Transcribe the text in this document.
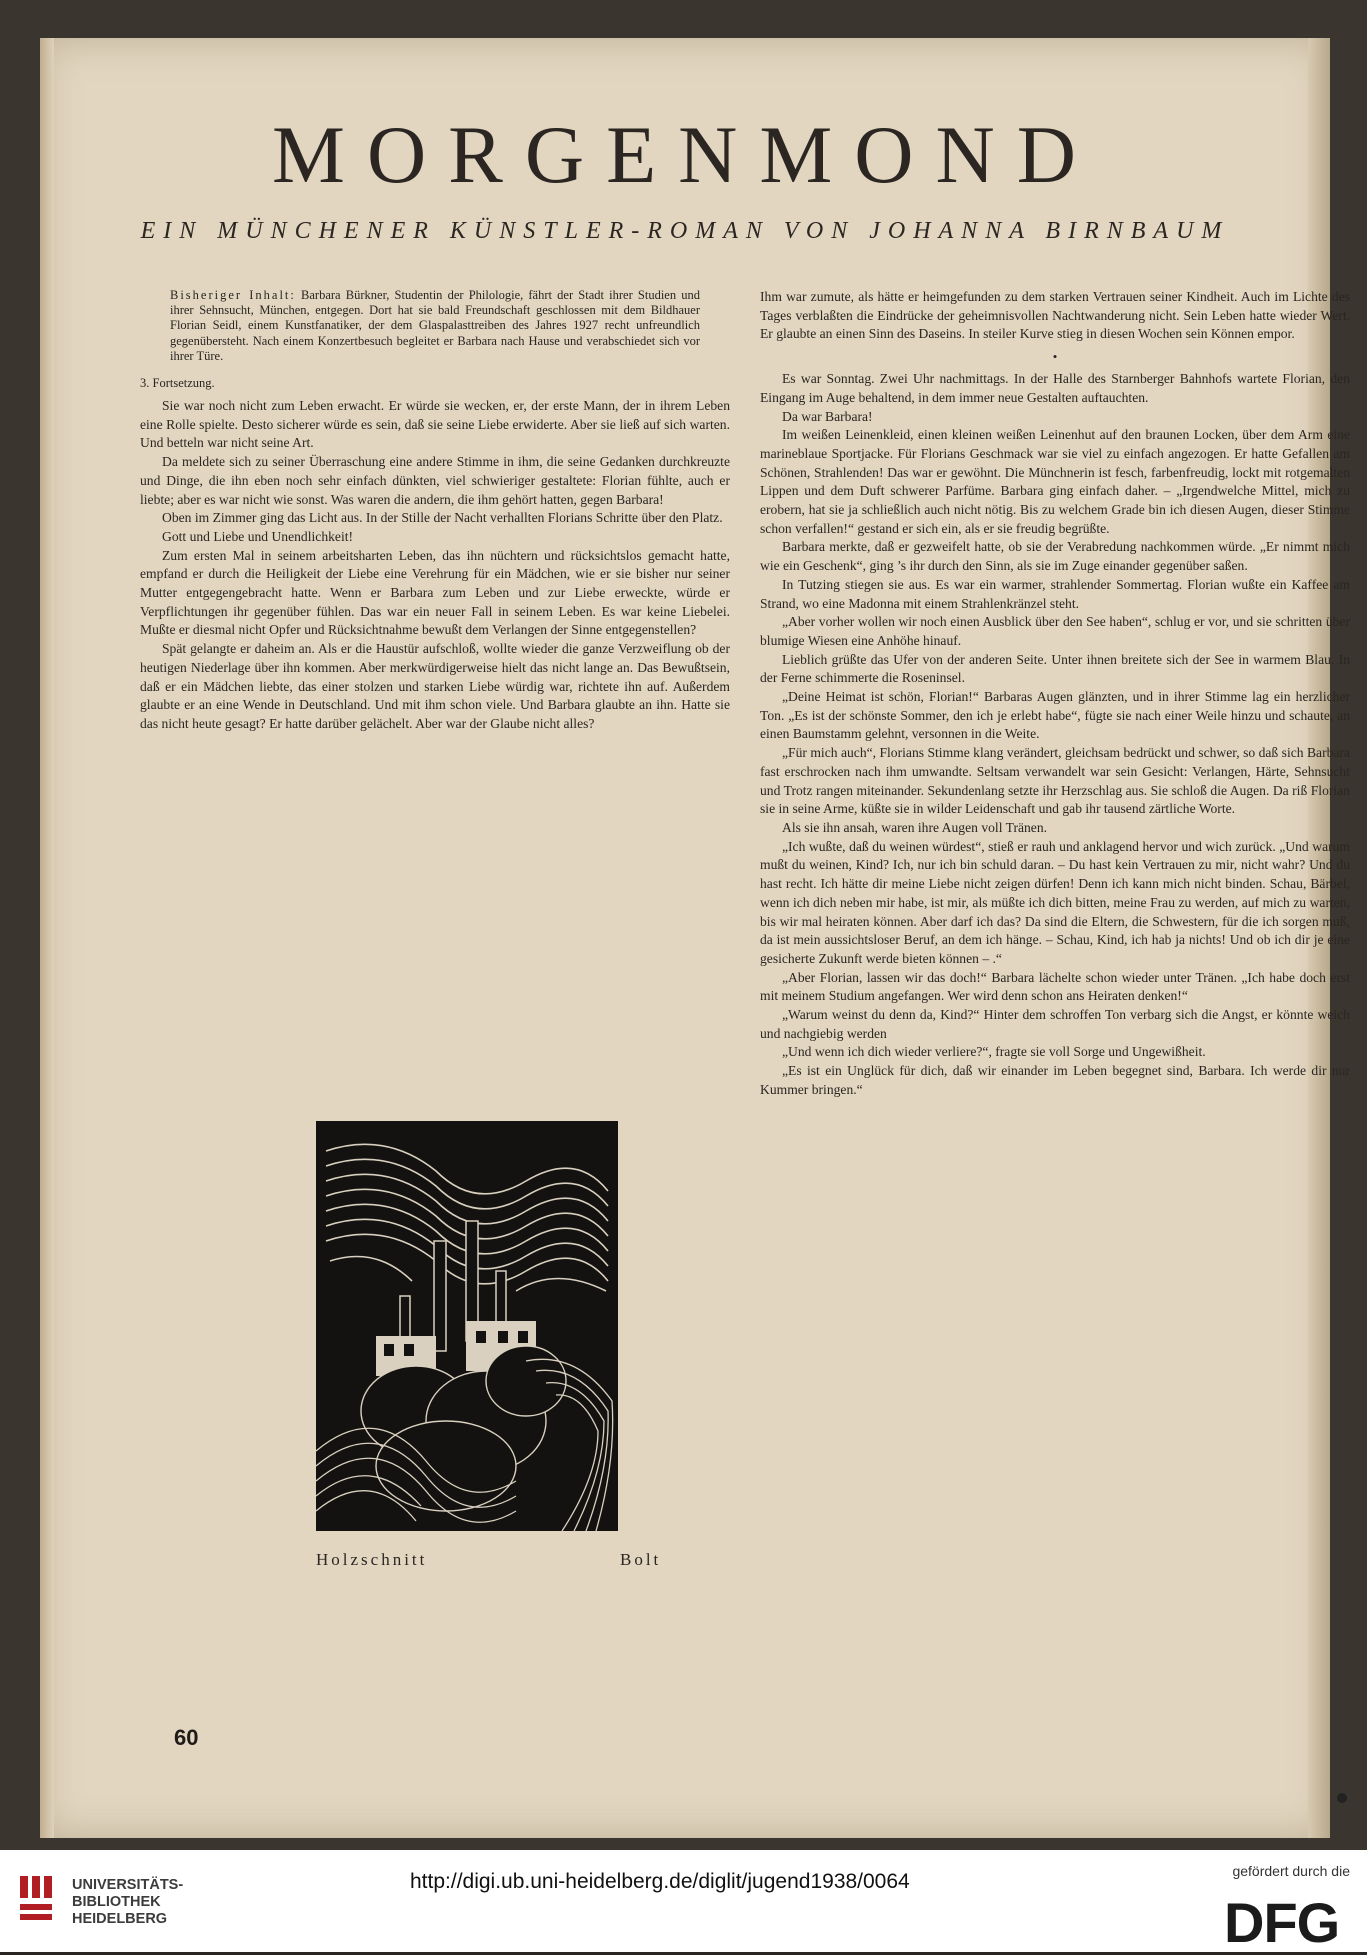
MORGENMOND
EIN MÜNCHENER KÜNSTLER-ROMAN VON JOHANNA BIRNBAUM
Bisheriger Inhalt: Barbara Bürkner, Studentin der Philologie, fährt der Stadt ihrer Studien und ihrer Sehnsucht, München, entgegen. Dort hat sie bald Freundschaft geschlossen mit dem Bildhauer Florian Seidl, einem Kunstfanatiker, der dem Glaspalasttreiben des Jahres 1927 recht unfreundlich gegenübersteht. Nach einem Konzertbesuch begleitet er Barbara nach Hause und verabschiedet sich vor ihrer Türe.
3. Fortsetzung.

Sie war noch nicht zum Leben erwacht. Er würde sie wecken, er, der erste Mann, der in ihrem Leben eine Rolle spielte. Desto sicherer würde es sein, daß sie seine Liebe erwiderte. Aber sie ließ auf sich warten. Und betteln war nicht seine Art.

Da meldete sich zu seiner Überraschung eine andere Stimme in ihm, die seine Gedanken durchkreuzte und Dinge, die ihn eben noch sehr einfach dünkten, viel schwieriger gestaltete: Florian fühlte, auch er liebte; aber es war nicht wie sonst. Was waren die andern, die ihm gehört hatten, gegen Barbara!

Oben im Zimmer ging das Licht aus. In der Stille der Nacht verhallten Florians Schritte über den Platz.

Gott und Liebe und Unendlichkeit!

Zum ersten Mal in seinem arbeitsharten Leben, das ihn nüchtern und rücksichtslos gemacht hatte, empfand er durch die Heiligkeit der Liebe eine Verehrung für ein Mädchen, wie er sie bisher nur seiner Mutter entgegengebracht hatte. Wenn er Barbara zum Leben und zur Liebe erweckte, würde er Verpflichtungen ihr gegenüber fühlen. Das war ein neuer Fall in seinem Leben. Es war keine Liebelei. Mußte er diesmal nicht Opfer und Rücksichtnahme bewußt dem Verlangen der Sinne entgegenstellen?

Spät gelangte er daheim an. Als er die Haustür aufschloß, wollte wieder die ganze Verzweiflung ob der heutigen Niederlage über ihn kommen. Aber merkwürdigerweise hielt das nicht lange an. Das Bewußtsein, daß er ein Mädchen liebte, das einer stolzen und starken Liebe würdig war, richtete ihn auf. Außerdem glaubte er an eine Wende in Deutschland. Und mit ihm schon viele. Und Barbara glaubte an ihn. Hatte sie das nicht heute gesagt? Er hatte darüber gelächelt. Aber war der Glaube nicht alles?

Ihm war zumute, als hätte er heimgefunden zu dem starken Vertrauen seiner Kindheit. Auch im Lichte des Tages verblaßten die Eindrücke der geheimnisvollen Nachtwanderung nicht. Sein Leben hatte wieder Wert. Er glaubte an einen Sinn des Daseins. In steiler Kurve stieg in diesen Wochen sein Können empor.

•

Es war Sonntag. Zwei Uhr nachmittags. In der Halle des Starnberger Bahnhofs wartete Florian, den Eingang im Auge behaltend, in dem immer neue Gestalten auftauchten.

Da war Barbara!

Im weißen Leinenkleid, einen kleinen weißen Leinenhut auf den braunen Locken, über dem Arm eine marineblaue Sportjacke. Für Florians Geschmack war sie viel zu einfach angezogen. Er hatte Gefallen am Schönen, Strahlenden! Das war er gewöhnt. Die Münchnerin ist fesch, farbenfreudig, lockt mit rotgemalten Lippen und dem Duft schwerer Parfüme. Barbara ging einfach daher. – „Irgendwelche Mittel, mich zu erobern, hat sie ja schließlich auch nicht nötig. Bis zu welchem Grade bin ich diesen Augen, dieser Stimme schon verfallen!“ gestand er sich ein, als er sie freudig begrüßte.

Barbara merkte, daß er gezweifelt hatte, ob sie der Verabredung nachkommen würde. „Er nimmt mich wie ein Geschenk“, ging ’s ihr durch den Sinn, als sie im Zuge einander gegenüber saßen.

In Tutzing stiegen sie aus. Es war ein warmer, strahlender Sommertag. Florian wußte ein Kaffee am Strand, wo eine Madonna mit einem Strahlenkränzel steht.

„Aber vorher wollen wir noch einen Ausblick über den See haben“, schlug er vor, und sie schritten über blumige Wiesen eine Anhöhe hinauf.

Lieblich grüßte das Ufer von der anderen Seite. Unter ihnen breitete sich der See in warmem Blau. In der Ferne schimmerte die Roseninsel.

„Deine Heimat ist schön, Florian!“ Barbaras Augen glänzten, und in ihrer Stimme lag ein herzlicher Ton. „Es ist der schönste Sommer, den ich je erlebt habe“, fügte sie nach einer Weile hinzu und schaute, an einen Baumstamm gelehnt, versonnen in die Weite.

„Für mich auch“, Florians Stimme klang verändert, gleichsam bedrückt und schwer, so daß sich Barbara fast erschrocken nach ihm umwandte. Seltsam verwandelt war sein Gesicht: Verlangen, Härte, Sehnsucht und Trotz rangen miteinander. Sekundenlang setzte ihr Herzschlag aus. Sie schloß die Augen. Da riß Florian sie in seine Arme, küßte sie in wilder Leidenschaft und gab ihr tausend zärtliche Worte.

Als sie ihn ansah, waren ihre Augen voll Tränen.

„Ich wußte, daß du weinen würdest“, stieß er rauh und anklagend hervor und wich zurück. „Und warum mußt du weinen, Kind? Ich, nur ich bin schuld daran. – Du hast kein Vertrauen zu mir, nicht wahr? Und du hast recht. Ich hätte dir meine Liebe nicht zeigen dürfen! Denn ich kann mich nicht binden. Schau, Bärbel, wenn ich dich neben mir habe, ist mir, als müßte ich dich bitten, meine Frau zu werden, auf mich zu warten, bis wir mal heiraten können. Aber darf ich das? Da sind die Eltern, die Schwestern, für die ich sorgen muß, da ist mein aussichtsloser Beruf, an dem ich hänge. – Schau, Kind, ich hab ja nichts! Und ob ich dir je eine gesicherte Zukunft werde bieten können – .“

„Aber Florian, lassen wir das doch!“ Barbara lächelte schon wieder unter Tränen. „Ich habe doch erst mit meinem Studium angefangen. Wer wird denn schon ans Heiraten denken!“

„Warum weinst du denn da, Kind?“ Hinter dem schroffen Ton verbarg sich die Angst, er könnte weich und nachgiebig werden

„Und wenn ich dich wieder verliere?“, fragte sie voll Sorge und Ungewißheit.

„Es ist ein Unglück für dich, daß wir einander im Leben begegnet sind, Barbara. Ich werde dir nur Kummer bringen.“

Holzschnitt	Bolt
60
UNIVERSITÄTS-
BIBLIOTHEK
HEIDELBERG
http://digi.ub.uni-heidelberg.de/diglit/jugend1938/0064	gefördert durch die
DFG
